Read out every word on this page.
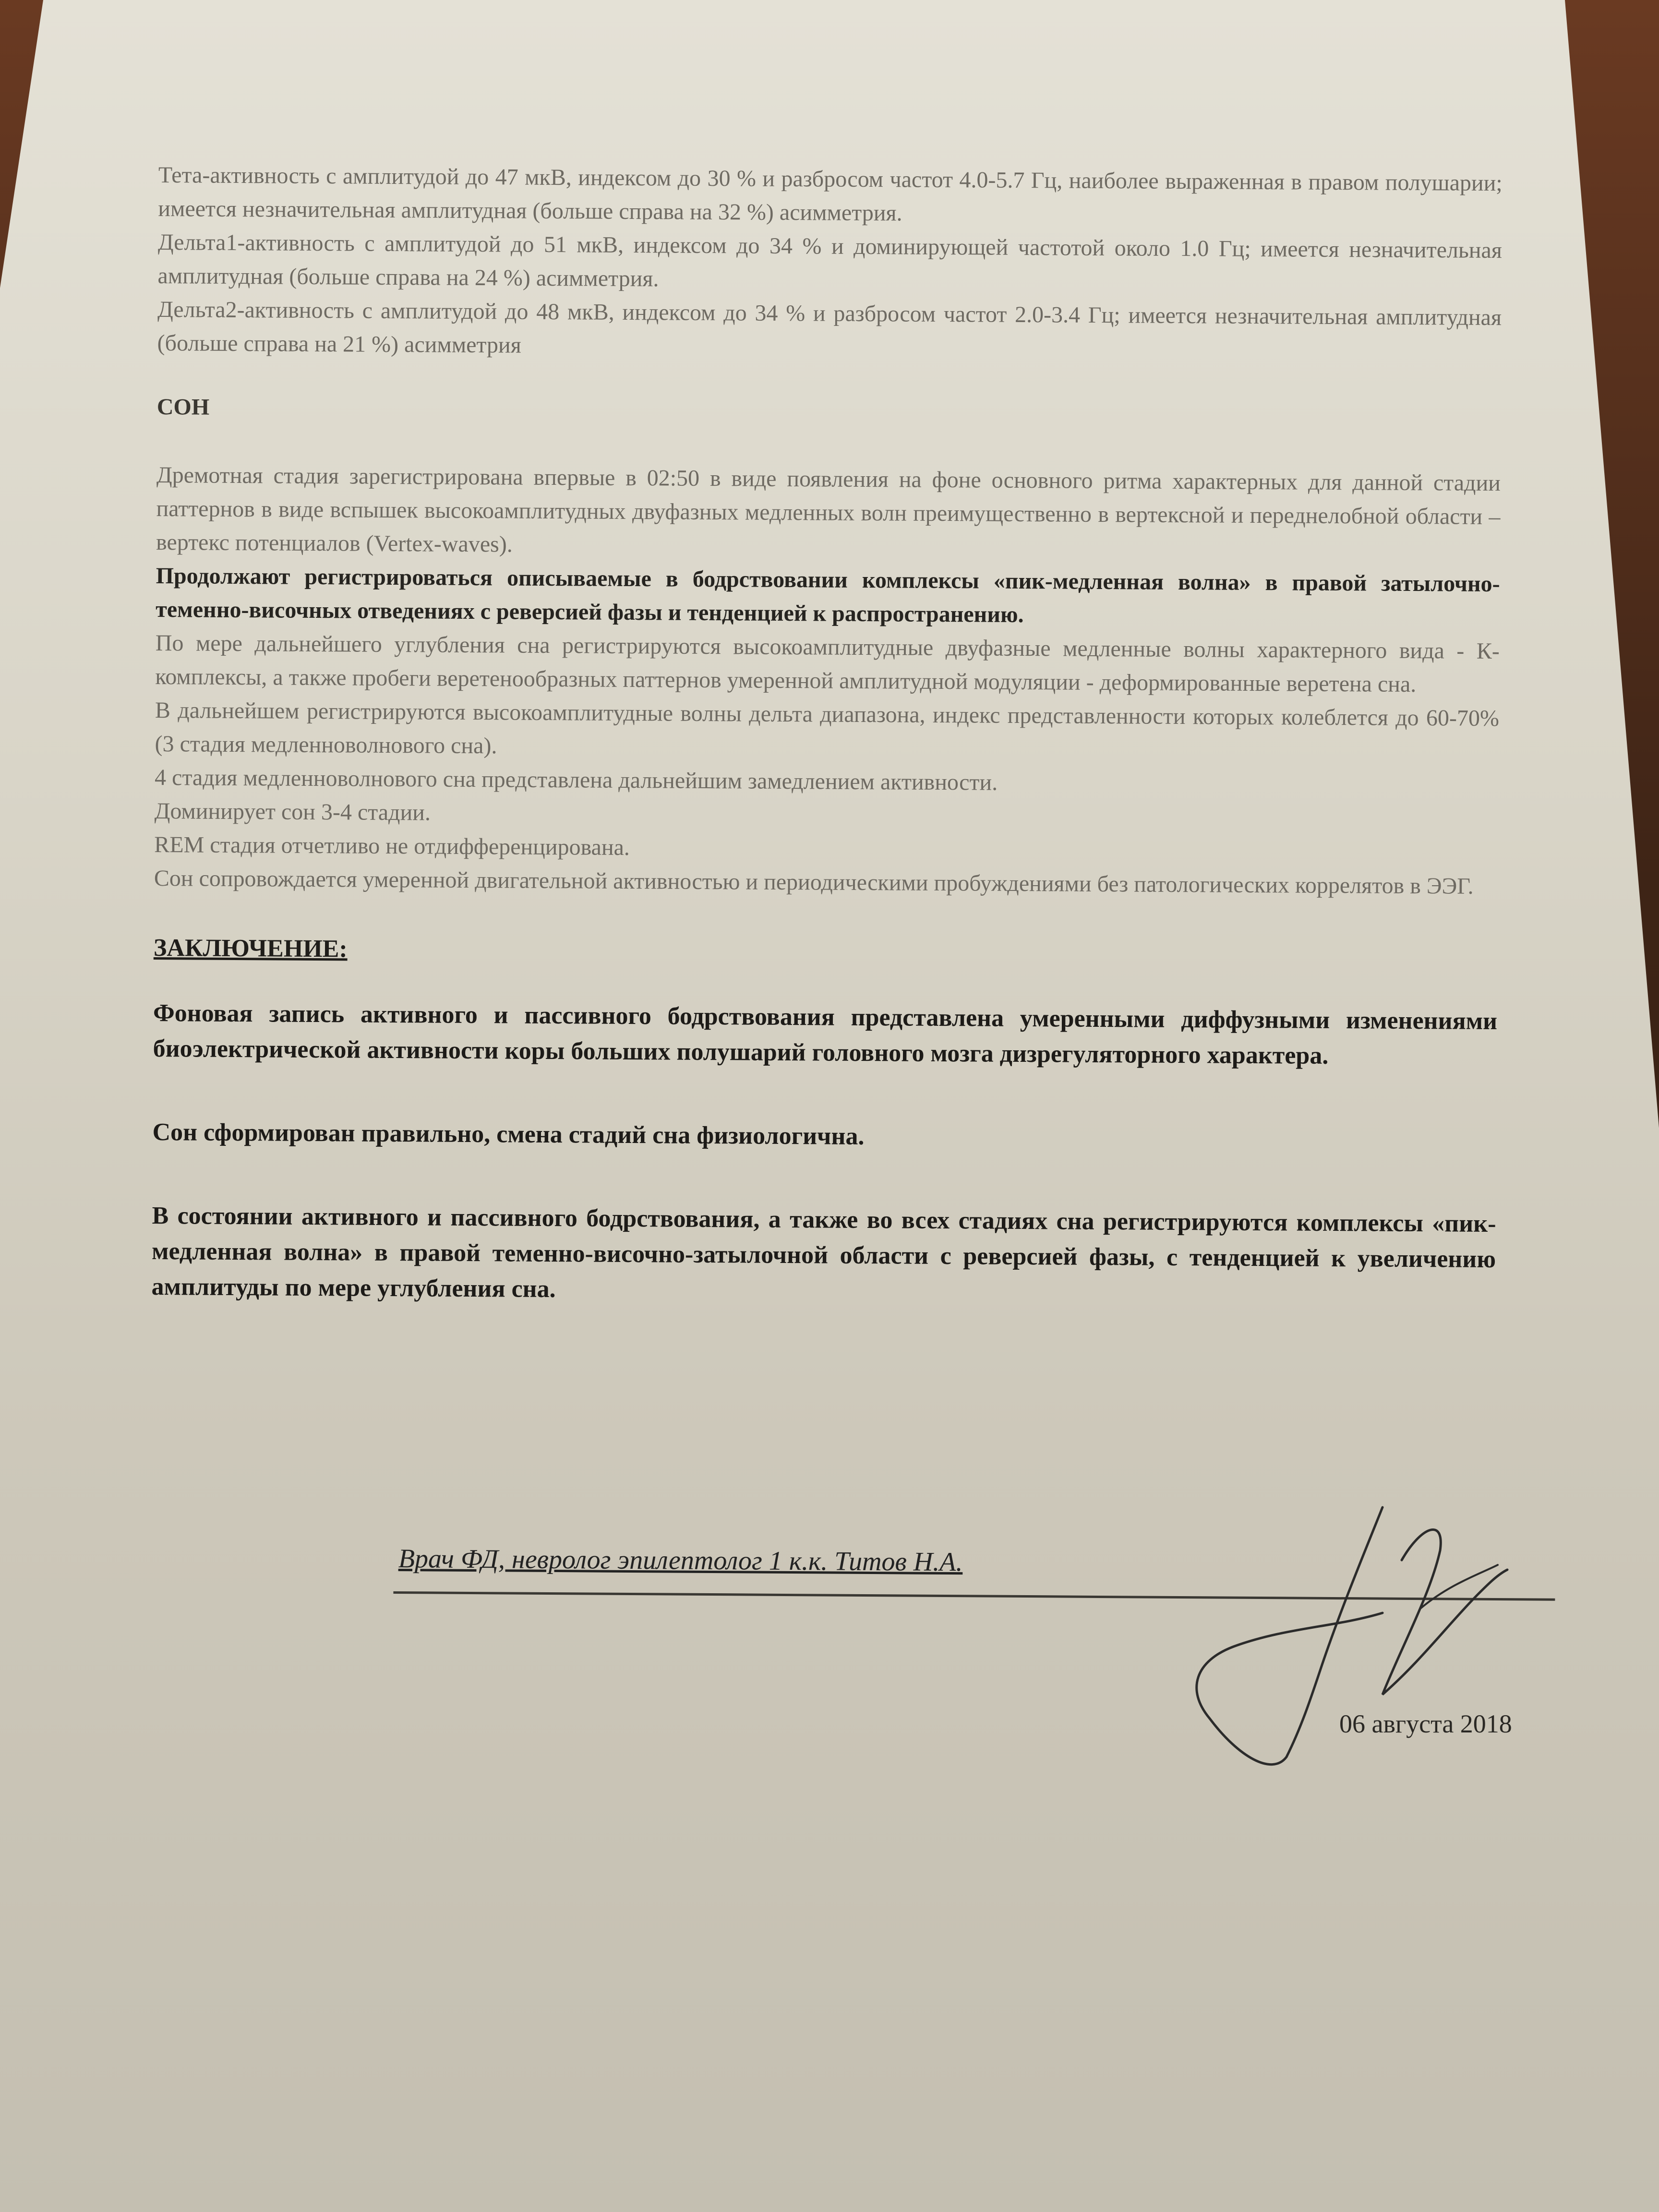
Тета-активность с амплитудой до 47 мкВ, индексом до 30 % и разбросом частот 4.0-5.7 Гц, наиболее выраженная в правом полушарии; имеется незначительная амплитудная (больше справа на 32 %) асимметрия.

Дельта1-активность с амплитудой до 51 мкВ, индексом до 34 % и доминирующей частотой около 1.0 Гц; имеется незначительная амплитудная (больше справа на 24 %) асимметрия.

Дельта2-активность с амплитудой до 48 мкВ, индексом до 34 % и разбросом частот 2.0-3.4 Гц; имеется незначительная амплитудная (больше справа на 21 %) асимметрия

СОН

Дремотная стадия зарегистрирована впервые в 02:50 в виде появления на фоне основного ритма характерных для данной стадии паттернов в виде вспышек высокоамплитудных двуфазных медленных волн преимущественно в вертексной и переднелобной области – вертекс потенциалов (Vertex-waves).

Продолжают регистрироваться описываемые в бодрствовании комплексы «пик-медленная волна» в правой затылочно-теменно-височных отведениях с реверсией фазы и тенденцией к распространению.

По мере дальнейшего углубления сна регистрируются высокоамплитудные двуфазные медленные волны характерного вида - К-комплексы, а также пробеги веретенообразных паттернов умеренной амплитудной модуляции - деформированные веретена сна.

В дальнейшем регистрируются высокоамплитудные волны дельта диапазона, индекс представленности которых колеблется до 60-70% (3 стадия медленноволнового сна).

4 стадия медленноволнового сна представлена дальнейшим замедлением активности.

Доминирует сон 3-4 стадии.

REM стадия отчетливо не отдифференцирована.

Сон сопровождается умеренной двигательной активностью и периодическими пробуждениями без патологических коррелятов в ЭЭГ.

ЗАКЛЮЧЕНИЕ:

Фоновая запись активного и пассивного бодрствования представлена умеренными диффузными изменениями биоэлектрической активности коры больших полушарий головного мозга дизрегуляторного характера.

Сон сформирован правильно, смена стадий сна физиологична.

В состоянии активного и пассивного бодрствования, а также во всех стадиях сна регистрируются комплексы «пик-медленная волна» в правой теменно-височно-затылочной области с реверсией фазы, с тенденцией к увеличению амплитуды по мере углубления сна.

Врач ФД, невролог эпилептолог 1 к.к. Титов Н.А.
06 августа 2018
